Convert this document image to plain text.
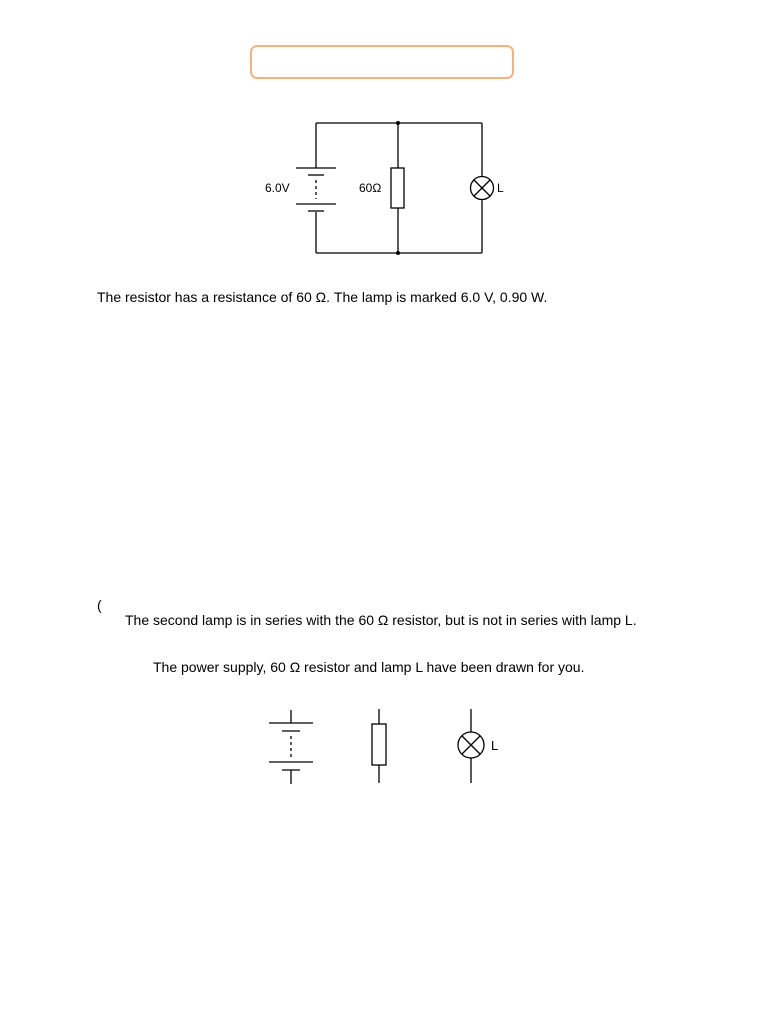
6.0V	60Ω	L
The resistor has a resistance of 60 Ω. The lamp is marked 6.0 V, 0.90 W.
(
The second lamp is in series with the 60 Ω resistor, but is not in series with lamp L.
The power supply, 60 Ω resistor and lamp L have been drawn for you.
L
